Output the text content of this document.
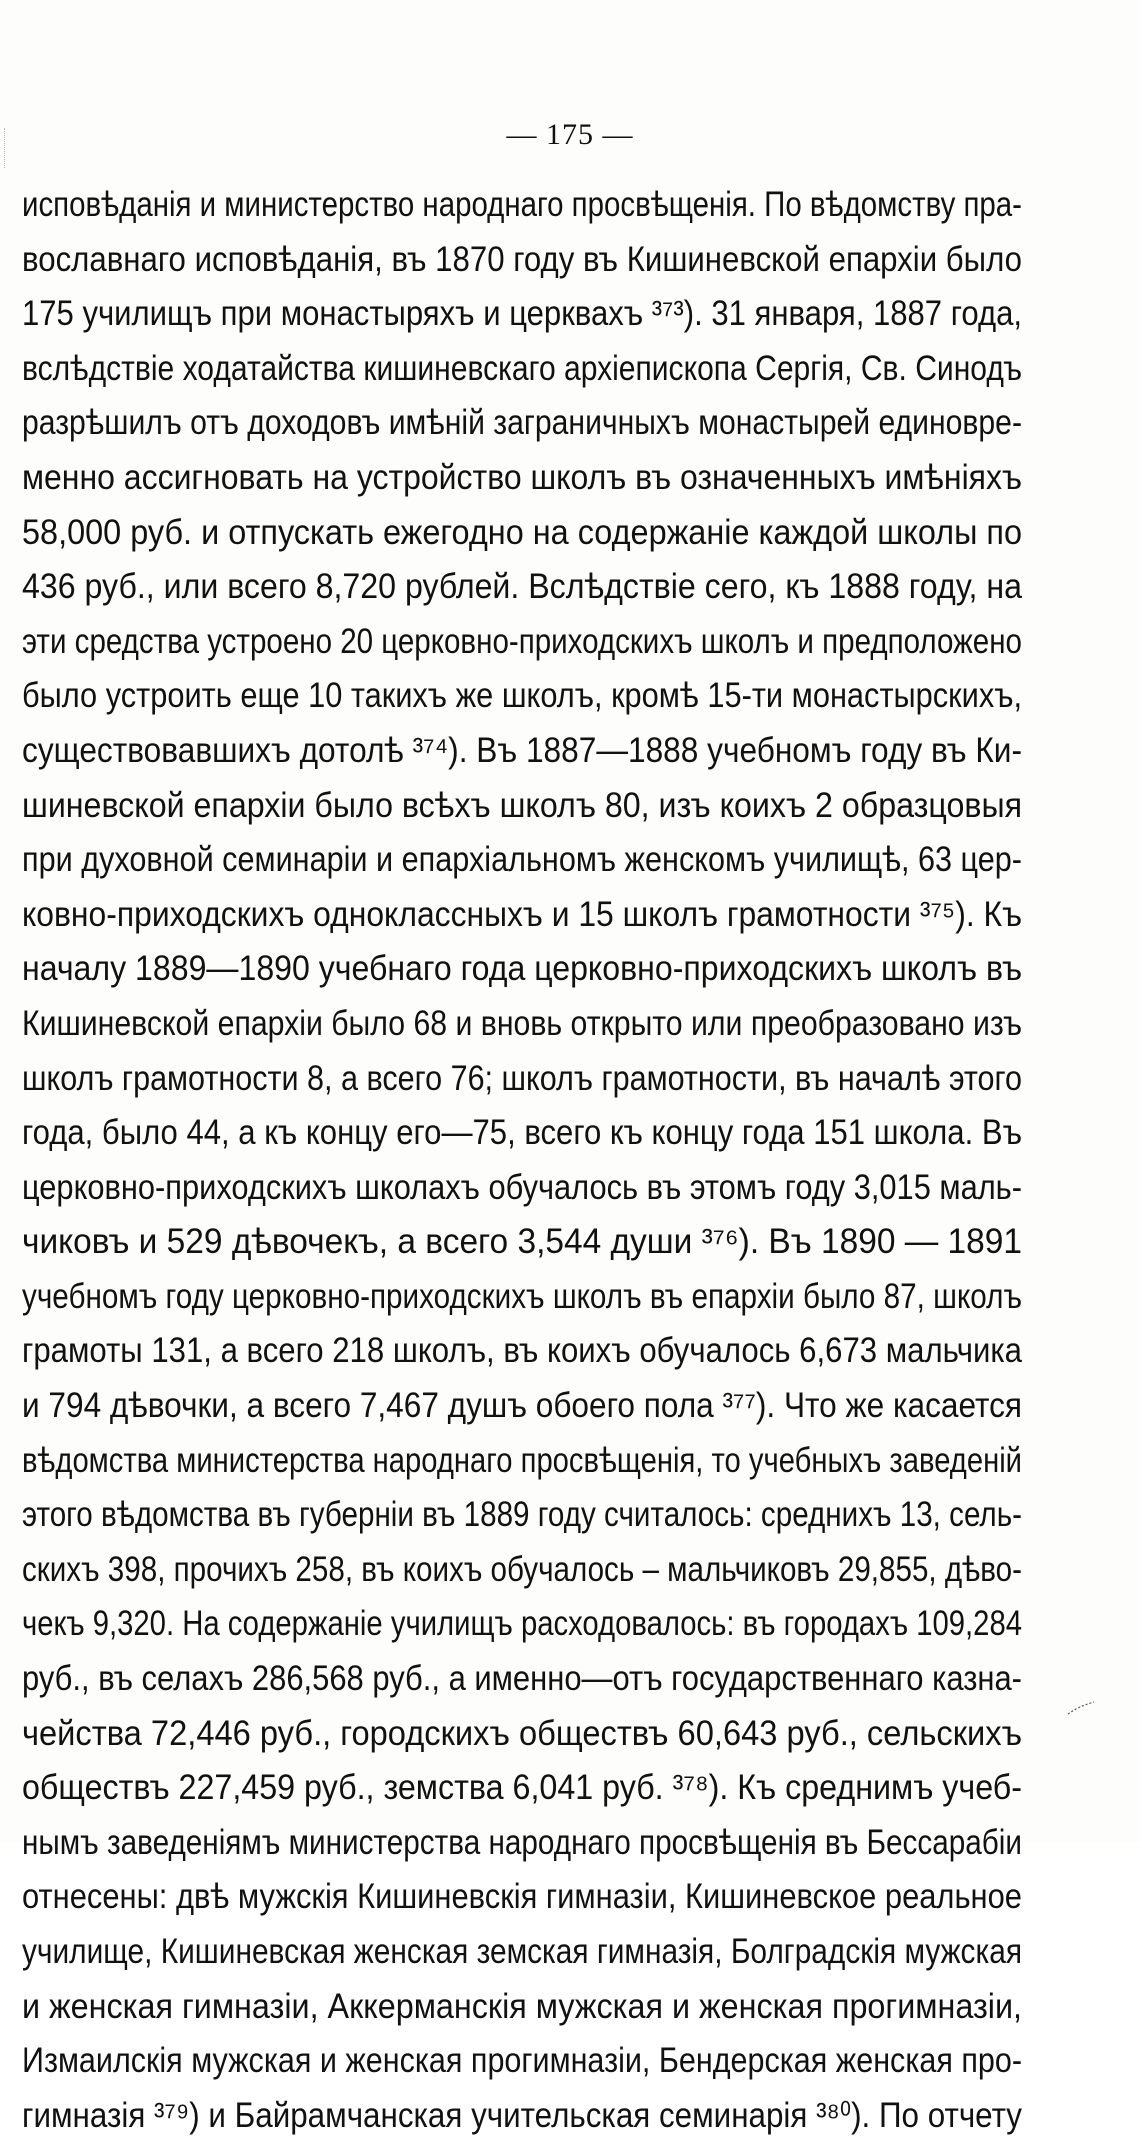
— 175 —
исповѣданія и министерство народнаго просвѣщенія. По вѣдомству пра-
вославнаго исповѣданія, въ 1870 году въ Кишиневской епархіи было
175 училищъ при монастыряхъ и церквахъ ³⁷³). 31 января, 1887 года,
вслѣдствіе ходатайства кишиневскаго архіепископа Сергія, Св. Синодъ
разрѣшилъ отъ доходовъ имѣній заграничныхъ монастырей единовре-
менно ассигновать на устройство школъ въ означенныхъ имѣніяхъ
58,000 руб. и отпускать ежегодно на содержаніе каждой школы по
436 руб., или всего 8,720 рублей. Вслѣдствіе сего, къ 1888 году, на
эти средства устроено 20 церковно-приходскихъ школъ и предположено
было устроить еще 10 такихъ же школъ, кромѣ 15-ти монастырскихъ,
существовавшихъ дотолѣ ³⁷⁴). Въ 1887—1888 учебномъ году въ Ки-
шиневской епархіи было всѣхъ школъ 80, изъ коихъ 2 образцовыя
при духовной семинаріи и епархіальномъ женскомъ училищѣ, 63 цер-
ковно-приходскихъ одноклассныхъ и 15 школъ грамотности ³⁷⁵). Къ
началу 1889—1890 учебнаго года церковно-приходскихъ школъ въ
Кишиневской епархіи было 68 и вновь открыто или преобразовано изъ
школъ грамотности 8, а всего 76; школъ грамотности, въ началѣ этого
года, было 44, а къ концу его—75, всего къ концу года 151 школа. Въ
церковно-приходскихъ школахъ обучалось въ этомъ году 3,015 маль-
чиковъ и 529 дѣвочекъ, а всего 3,544 души ³⁷⁶). Въ 1890 — 1891
учебномъ году церковно-приходскихъ школъ въ епархіи было 87, школъ
грамоты 131, а всего 218 школъ, въ коихъ обучалось 6,673 мальчика
и 794 дѣвочки, а всего 7,467 душъ обоего пола ³⁷⁷). Что же касается
вѣдомства министерства народнаго просвѣщенія, то учебныхъ заведеній
этого вѣдомства въ губерніи въ 1889 году считалось: среднихъ 13, сель-
скихъ 398, прочихъ 258, въ коихъ обучалось – мальчиковъ 29,855, дѣво-
чекъ 9,320. На содержаніе училищъ расходовалось: въ городахъ 109,284
руб., въ селахъ 286,568 руб., а именно—отъ государственнаго казна-
чейства 72,446 руб., городскихъ обществъ 60,643 руб., сельскихъ
обществъ 227,459 руб., земства 6,041 руб. ³⁷⁸). Къ среднимъ учеб-
нымъ заведеніямъ министерства народнаго просвѣщенія въ Бессарабіи
отнесены: двѣ мужскія Кишиневскія гимназіи, Кишиневское реальное
училище, Кишиневская женская земская гимназія, Болградскія мужская
и женская гимназіи, Аккерманскія мужская и женская прогимназіи,
Измаилскія мужская и женская прогимназіи, Бендерская женская про-
гимназія ³⁷⁹) и Байрамчанская учительская семинарія ³⁸⁰). По отчету
